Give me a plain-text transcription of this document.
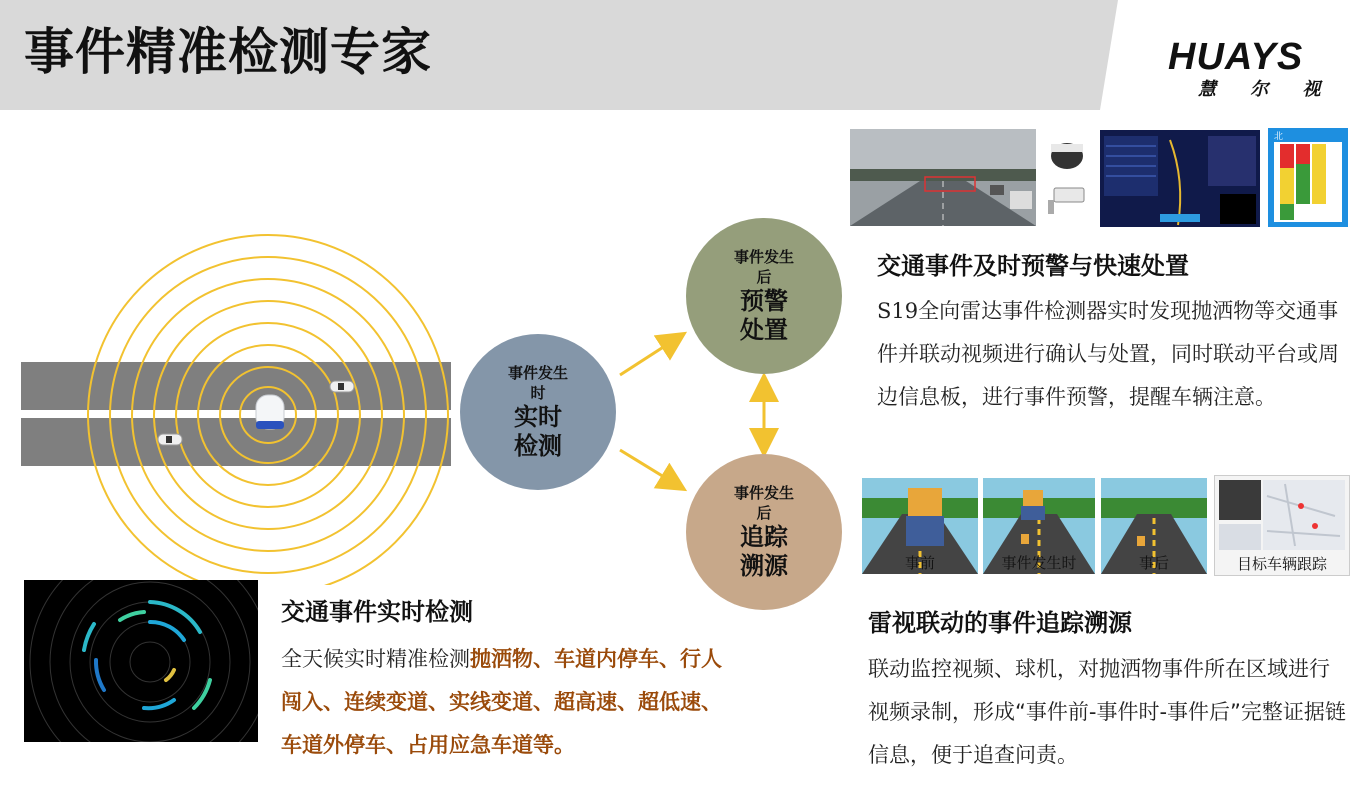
事件精准检测专家	HUAYS
慧 尔 视
事件发生
时
实时
检测
事件发生
后
预警
处置
事件发生
后
追踪
溯源
北
交通事件及时预警与快速处置
S19全向雷达事件检测器实时发现抛洒物等交通事件并联动视频进行确认与处置，同时联动平台或周边信息板，进行事件预警，提醒车辆注意。
事前	事件发生时	事后	目标车辆跟踪
雷视联动的事件追踪溯源
联动监控视频、球机，对抛洒物事件所在区域进行视频录制，形成“事件前-事件时-事件后”完整证据链信息，便于追查问责。
交通事件实时检测
全天候实时精准检测抛洒物、车道内停车、行人闯入、连续变道、实线变道、超高速、超低速、车道外停车、占用应急车道等。
